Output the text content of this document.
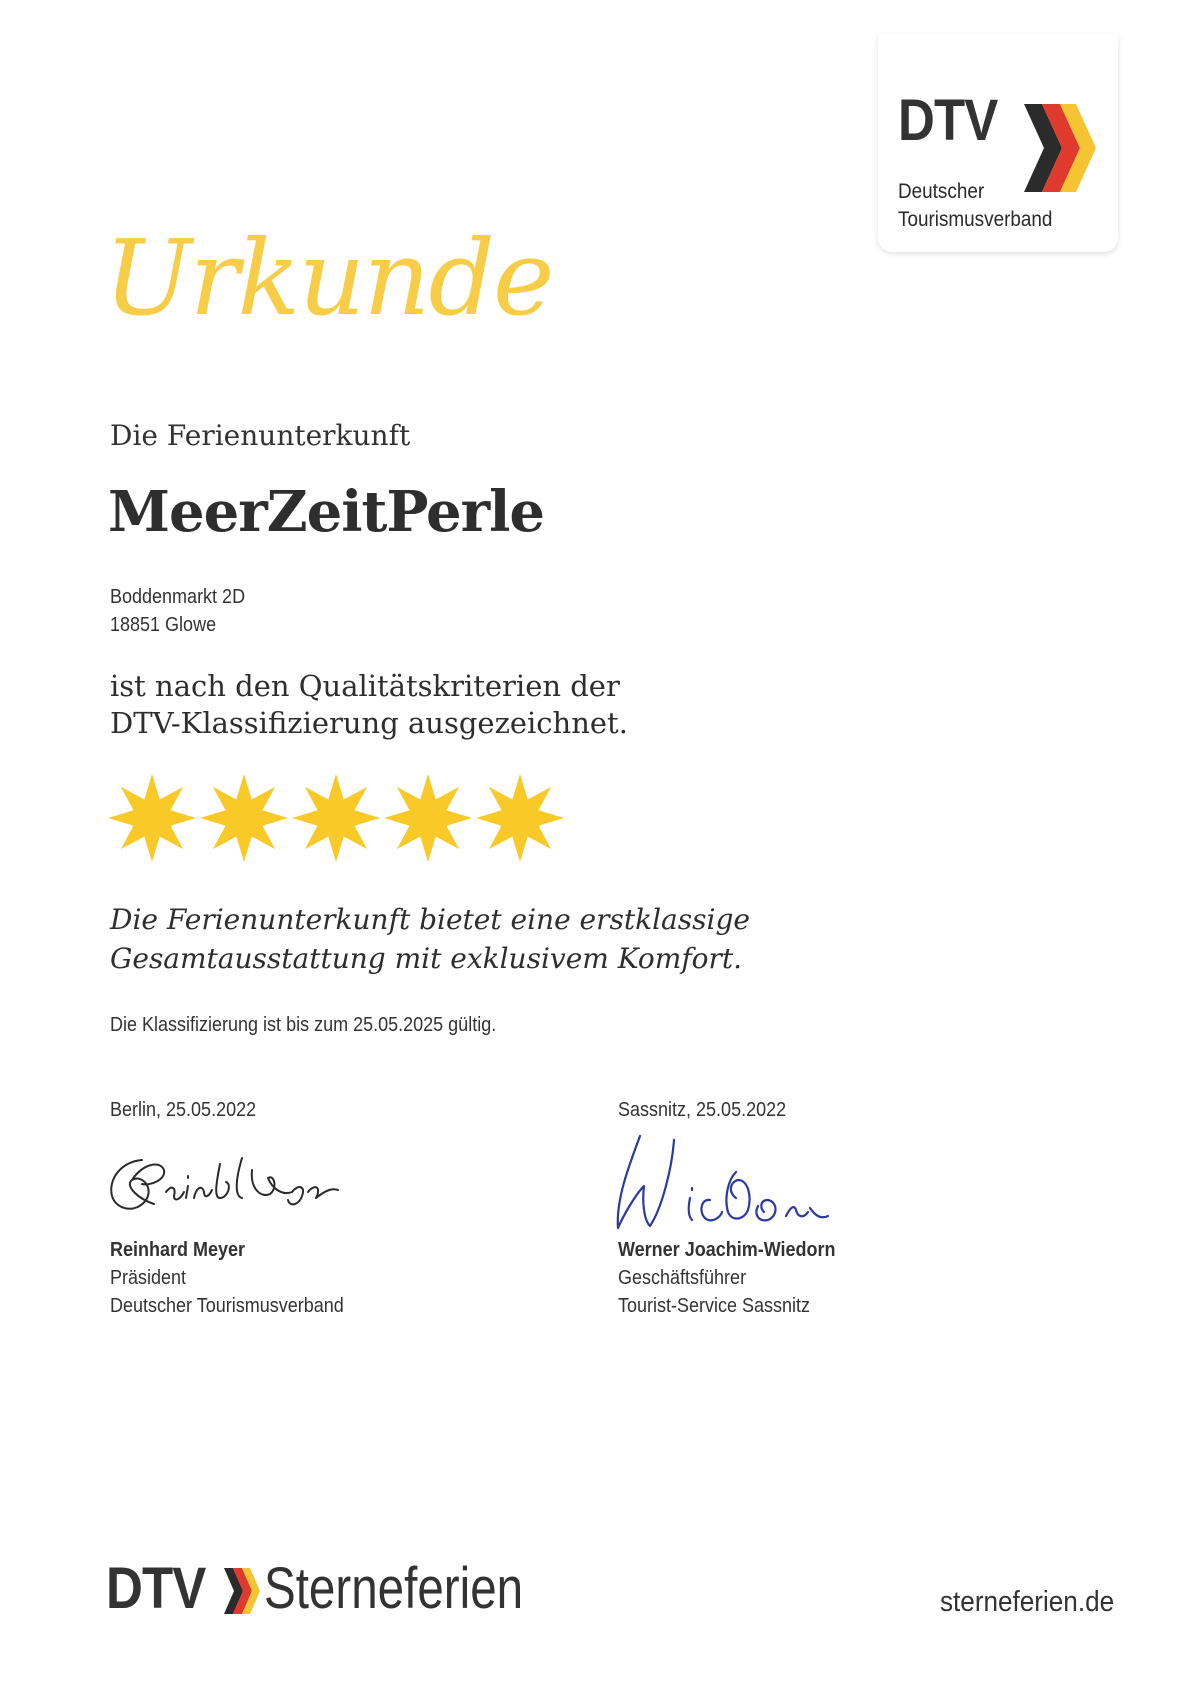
DTV
Deutscher
Tourismusverband
Urkunde
Die Ferienunterkunft
MeerZeitPerle
Boddenmarkt 2D
18851 Glowe
ist nach den Qualitätskriterien der
DTV-Klassifizierung ausgezeichnet.
Die Ferienunterkunft bietet eine erstklassige
Gesamtausstattung mit exklusivem Komfort.
Die Klassifizierung ist bis zum 25.05.2025 gültig.
Berlin, 25.05.2022
Reinhard Meyer
Präsident
Deutscher Tourismusverband
Sassnitz, 25.05.2022
Werner Joachim-Wiedorn
Geschäftsführer
Tourist-Service Sassnitz
DTV Sterneferien	sterneferien.de
